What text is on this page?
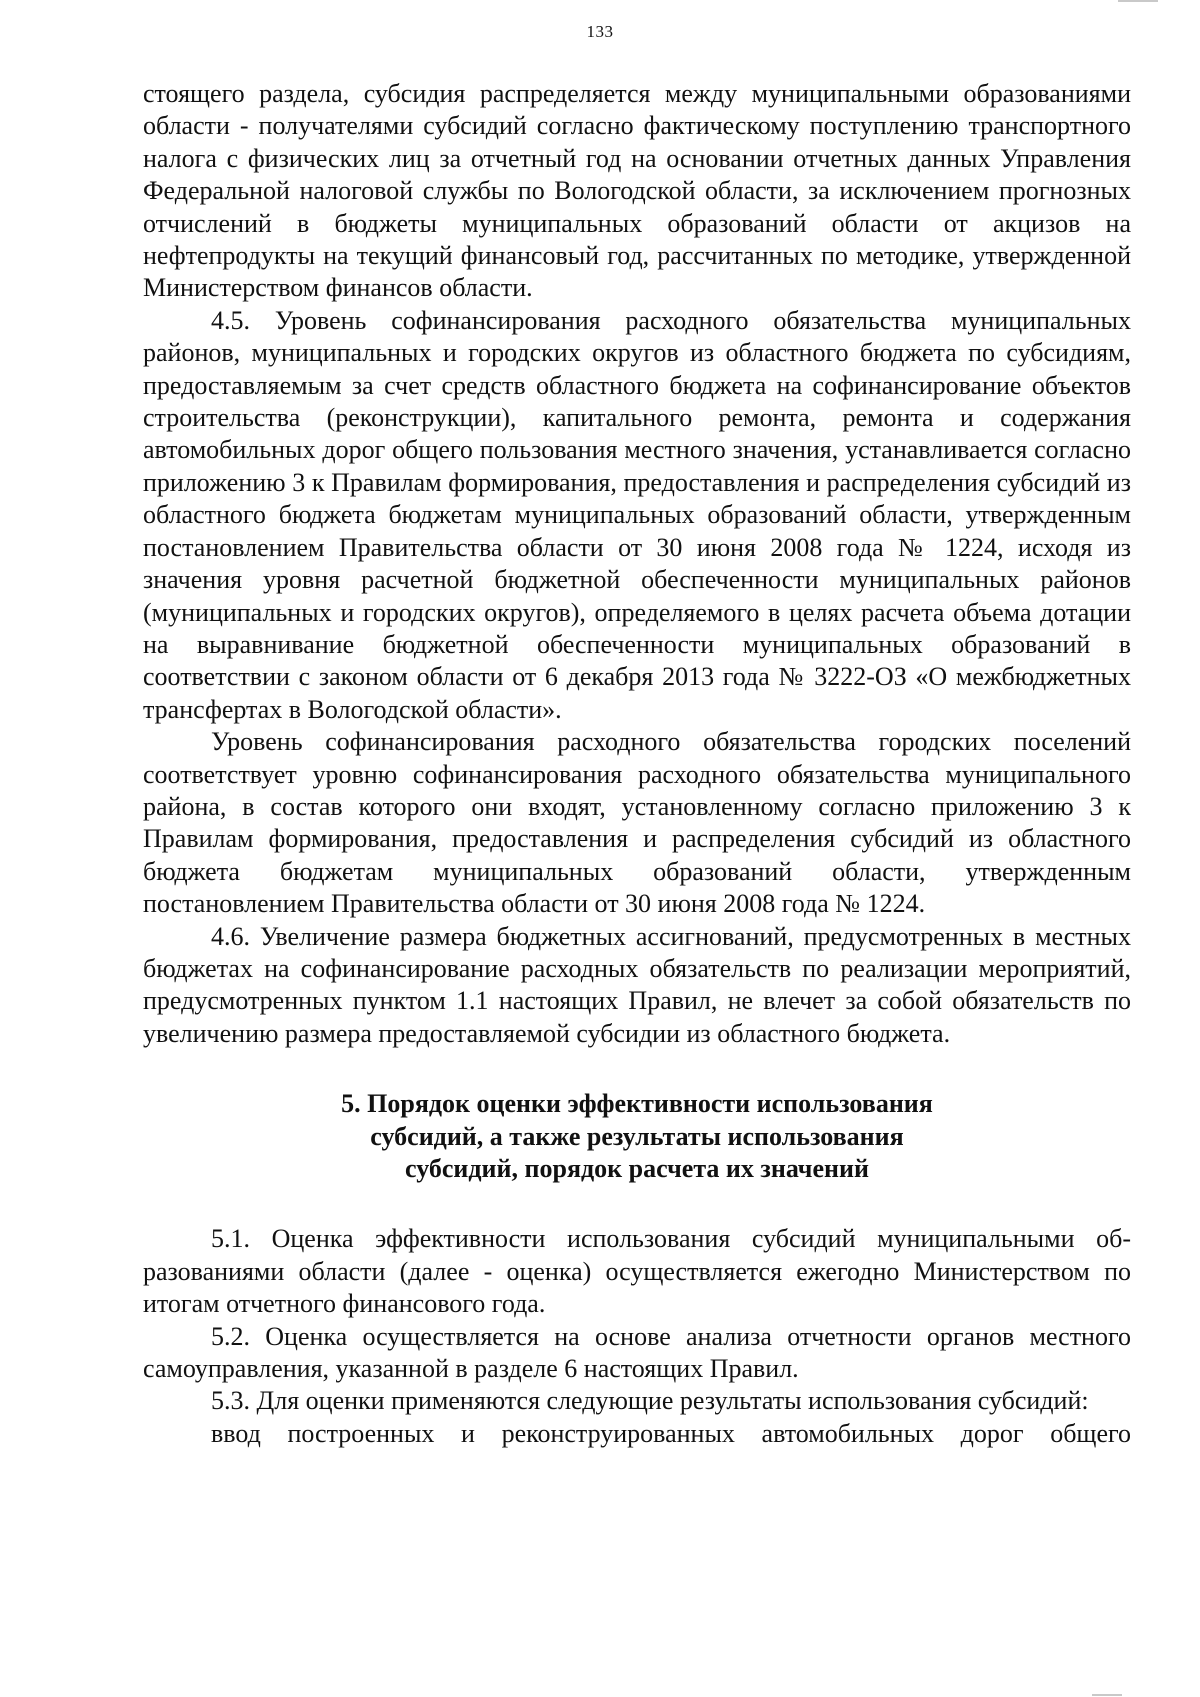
133

стоящего раздела, субсидия распределяется между муниципальными образованиями области - получателями субсидий согласно фактическому поступлению транспортного налога с физических лиц за отчетный год на основании отчетных данных Управления Федеральной налоговой службы по Вологодской области, за исключением прогнозных отчислений в бюджеты муниципальных образований области от акцизов на нефтепродукты на текущий финансовый год, рассчитанных по методике, утвержденной Министерством финансов области.

4.5. Уровень софинансирования расходного обязательства муниципальных районов, муниципальных и городских округов из областного бюджета по субсидиям, предоставляемым за счет средств областного бюджета на софинансирование объектов строительства (реконструкции), капитального ремонта, ремонта и содержания автомобильных дорог общего пользования местного значения, устанавливается согласно приложению 3 к Правилам формирования, предоставления и распределения субсидий из областного бюджета бюджетам муниципальных образований области, утвержденным постановлением Правительства области от 30 июня 2008 года № 1224, исходя из значения уровня расчетной бюджетной обеспеченности муниципальных районов (муниципальных и городских округов), определяемого в целях расчета объема дотации на выравнивание бюджетной обеспеченности муниципальных образований в соответствии с законом области от 6 декабря 2013 года № 3222-ОЗ «О межбюджетных трансфертах в Вологодской области».

Уровень софинансирования расходного обязательства городских поселений соответствует уровню софинансирования расходного обязательства муниципального района, в состав которого они входят, установленному согласно приложению 3 к Правилам формирования, предоставления и распределения субсидий из областного бюджета бюджетам муниципальных образований области, утвержденным постановлением Правительства области от 30 июня 2008 года № 1224.

4.6. Увеличение размера бюджетных ассигнований, предусмотренных в местных бюджетах на софинансирование расходных обязательств по реализации мероприятий, предусмотренных пунктом 1.1 настоящих Правил, не влечет за собой обязательств по увеличению размера предоставляемой субсидии из областного бюджета.

5. Порядок оценки эффективности использования
субсидий, а также результаты использования
субсидий, порядок расчета их значений

5.1. Оценка эффективности использования субсидий муниципальными образованиями области (далее - оценка) осуществляется ежегодно Министерством по итогам отчетного финансового года.

5.2. Оценка осуществляется на основе анализа отчетности органов местного самоуправления, указанной в разделе 6 настоящих Правил.

5.3. Для оценки применяются следующие результаты использования субсидий:

ввод построенных и реконструированных автомобильных дорог общего
